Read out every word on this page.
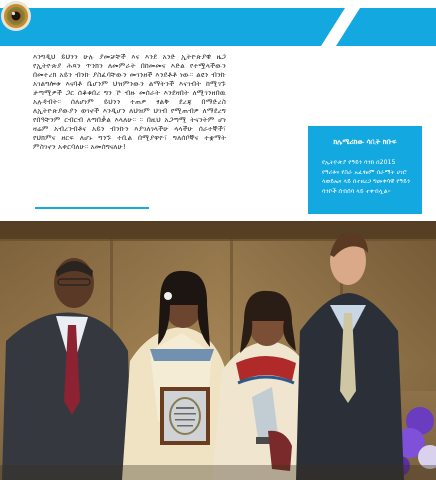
እንግዲህ ይህንን ሁሉ ያመቻቸች እና እንደ አንድ ኢትዮጵያዊ ዜጋ የኢትዮጵያ ሕጻን ጥንክን ለመምራት በከመመና እድል የተሟላችውን በመተረክ አይን ብንኩ ያስፈባቸውን መገንዘች እንደቶቶ ነው። ልዩን ብንኩ አገልግሎቱ እናባቶ ቤሆንም ህዝምንውን ልማትንች እናገብት ከሚገኙ ታጣሚዎች ጋር ሰቆቁበረ ግን ኾ ብዙ መሰራት እንደዛበት ለሚገንዘበዉ አሉዳብት። ሰለሆነም ይህንን ተጠዎ ፃልቅ ደረጃ በማድረስ ለኢትዮጵያውያን ወገኖች እንዲሆን ለህዝም ህገብ የሚጠብዎ ለማደረግ የበዓቸንም ርብርብ ለጣበቃል እላለሁ። ። በዚህ አጋጣሚ ትናንትም ሆነ ዛሬም አብረንብቶና አይን ብንኩን እያገለገላችሁ ላላችሁ ሰራተኞች፣ የህክምና ዘርፍ ለሆኑ ግንኙ ተቢል በሚያዋዮ፣ ግለሰቦኞና ተቋማት ምስገኖን አቀርባለሁ። አመሰግናለሁ!	ክሌሜሪክው ሳቢት ክቡፍ
የኢትዮጵያ የዓይን ባንክ በ2015 የዓሪቶና የስራ አፈፃፀም በራማት ሀገሮ ላወይኤና ላይ በተዘረጋ ግመቀሳዊ የዓይን ባንኮች ሰብሰባ ላይ ተቀብሏል።
